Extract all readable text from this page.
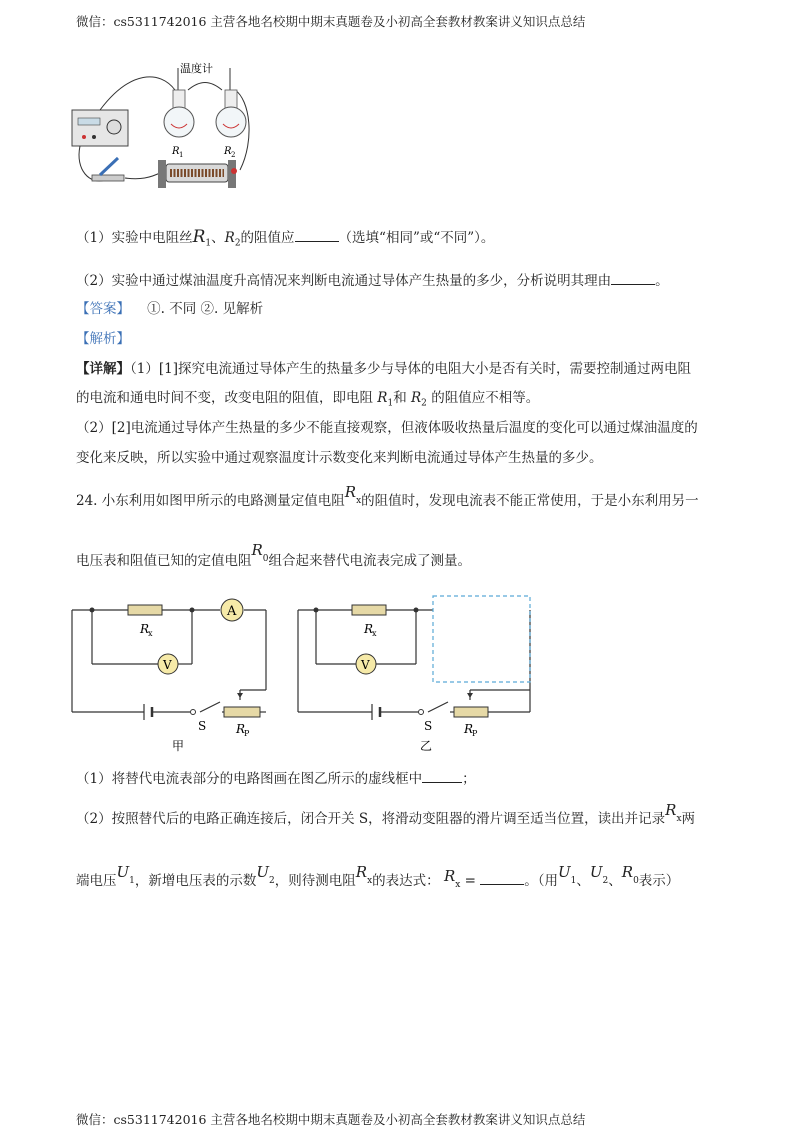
微信：cs5311742016 主营各地名校期中期末真题卷及小初高全套教材教案讲义知识点总结
温度计
R 1	R 2
（1）实验中电阻丝$R_1$、$R_2$的阻值应	（选填“相同”或“不同”）。
（2）实验中通过煤油温度升高情况来判断电流通过导体产生热量的多少，分析说明其理由	。
【答案】 ①. 不同 ②. 见解析
【解析】
【详解】（1）[1]探究电流通过导体产生的热量多少与导体的电阻大小是否有关时，需要控制通过两电阻
的电流和通电时间不变，改变电阻的阻值，即电阻 $R_1$和 $R_2$ 的阻值应不相等。
（2）[2]电流通过导体产生热量的多少不能直接观察，但液体吸收热量后温度的变化可以通过煤油温度的
变化来反映，所以实验中通过观察温度计示数变化来判断电流通过导体产生热量的多少。
24. 小东利用如图甲所示的电路测量定值电阻$R_x$的阻值时，发现电流表不能正常使用，于是小东利用另一
电压表和阻值已知的定值电阻$R_0$组合起来替代电流表完成了测量。
A
V
R
x
S R
P
甲
V
R
x
S	R
P
乙
（1）将替代电流表部分的电路图画在图乙所示的虚线框中	；
（2）按照替代后的电路正确连接后，闭合开关 S，将滑动变阻器的滑片调至适当位置，读出并记录$R_x$两
端电压$U_1$，新增电压表的示数$U_2$，则待测电阻$R_x$的表达式： $R_x$ =	。（用$U_1$、$U_2$、$R_0$表示）
微信：cs5311742016 主营各地名校期中期末真题卷及小初高全套教材教案讲义知识点总结
